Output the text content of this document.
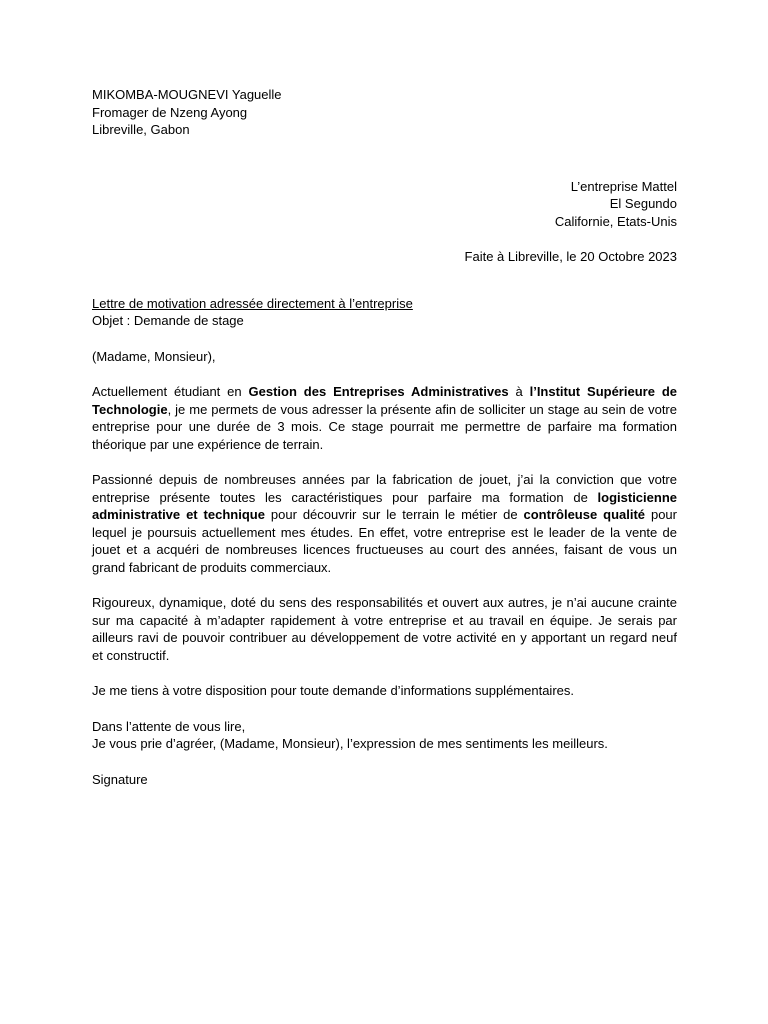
MIKOMBA-MOUGNEVI Yaguelle
Fromager de Nzeng Ayong
Libreville, Gabon
L’entreprise Mattel
El Segundo
Californie, Etats-Unis
Faite à Libreville, le 20 Octobre 2023
Lettre de motivation adressée directement à l’entreprise
Objet : Demande de stage
(Madame, Monsieur),

Actuellement étudiant en Gestion des Entreprises Administratives à l’Institut Supérieure de Technologie, je me permets de vous adresser la présente afin de solliciter un stage au sein de votre entreprise pour une durée de 3 mois. Ce stage pourrait me permettre de parfaire ma formation théorique par une expérience de terrain.

Passionné depuis de nombreuses années par la fabrication de jouet, j’ai la conviction que votre entreprise présente toutes les caractéristiques pour parfaire ma formation de logisticienne administrative et technique pour découvrir sur le terrain le métier de contrôleuse qualité pour lequel je poursuis actuellement mes études. En effet, votre entreprise est le leader de la vente de jouet et a acquéri de nombreuses licences fructueuses au court des années, faisant de vous un grand fabricant de produits commerciaux.

Rigoureux, dynamique, doté du sens des responsabilités et ouvert aux autres, je n’ai aucune crainte sur ma capacité à m’adapter rapidement à votre entreprise et au travail en équipe. Je serais par ailleurs ravi de pouvoir contribuer au développement de votre activité en y apportant un regard neuf et constructif.

Je me tiens à votre disposition pour toute demande d’informations supplémentaires.

Dans l’attente de vous lire,
Je vous prie d’agréer, (Madame, Monsieur), l’expression de mes sentiments les meilleurs.
Signature
